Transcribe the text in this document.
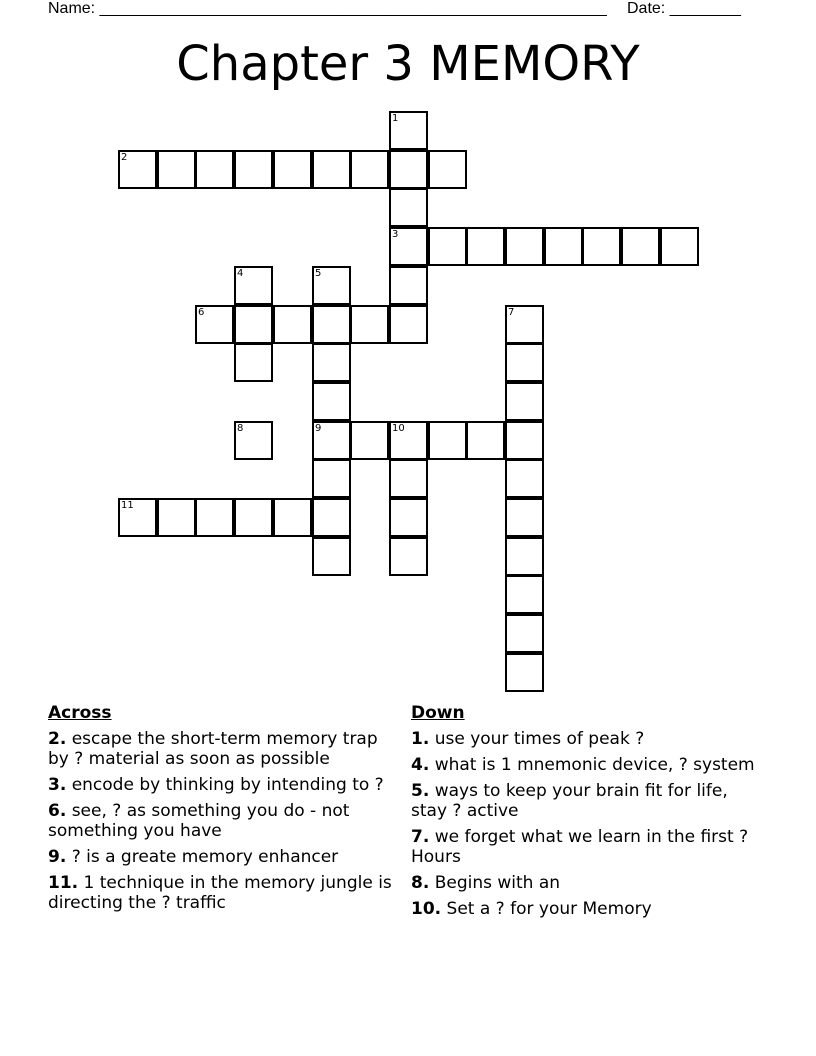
Name: _________________________________________________________ Date: ________
Chapter 3 MEMORY
1
3
2
4	5
9
6	7
8	10
11
Across
2. escape the short-term memory trap by ? material as soon as possible
3. encode by thinking by intending to ?
6. see, ? as something you do - not something you have
9. ? is a greate memory enhancer
11. 1 technique in the memory jungle is directing the ? traffic
Down
1. use your times of peak ?
4. what is 1 mnemonic device, ? system
5. ways to keep your brain fit for life, stay ? active
7. we forget what we learn in the first ? Hours
8. Begins with an
10. Set a ? for your Memory
